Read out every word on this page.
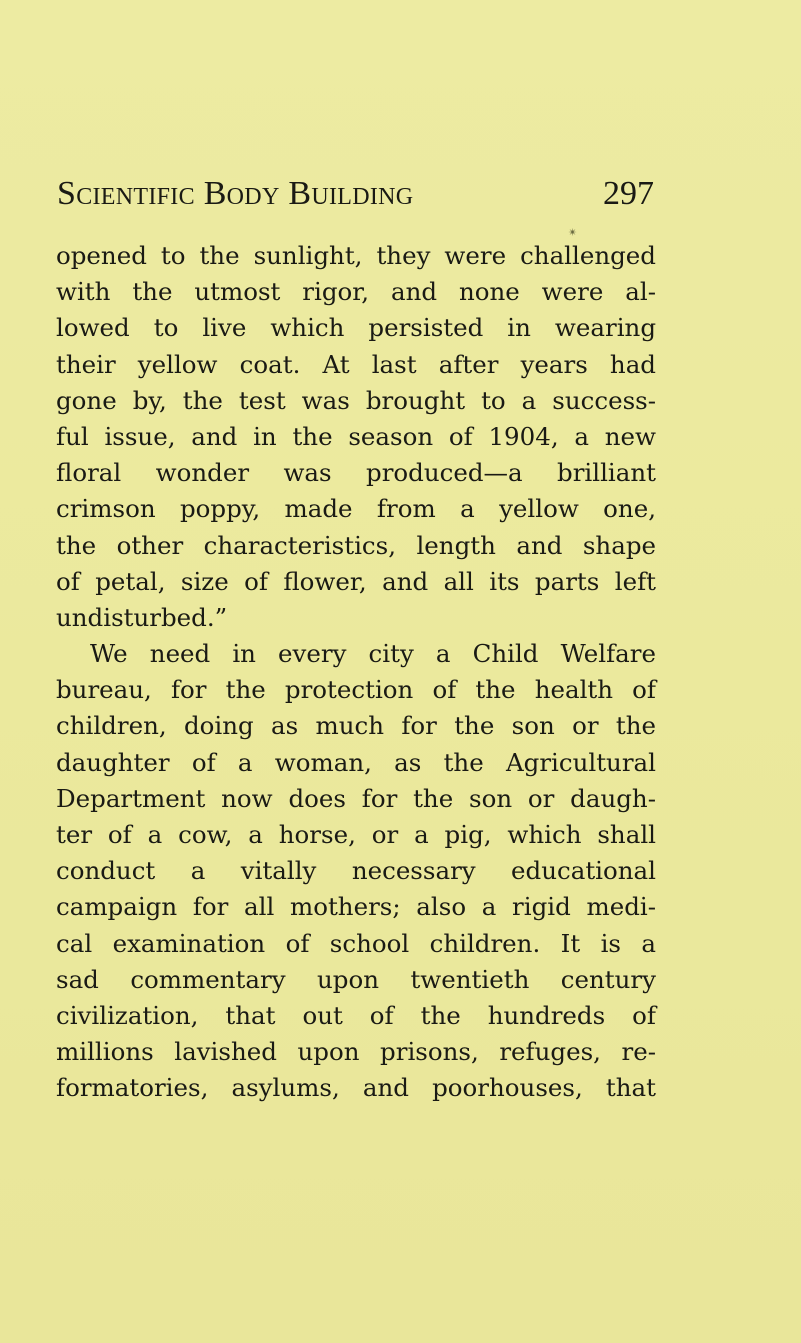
Scientific Body Building	297
✴
opened to the sunlight, they were challenged
with the utmost rigor, and none were al-
lowed to live which persisted in wearing
their yellow coat. At last after years had
gone by, the test was brought to a success-
ful issue, and in the season of 1904, a new
floral wonder was produced—a brilliant
crimson poppy, made from a yellow one,
the other characteristics, length and shape
of petal, size of flower, and all its parts left
undisturbed.”
We need in every city a Child Welfare
bureau, for the protection of the health of
children, doing as much for the son or the
daughter of a woman, as the Agricultural
Department now does for the son or daugh-
ter of a cow, a horse, or a pig, which shall
conduct a vitally necessary educational
campaign for all mothers; also a rigid medi-
cal examination of school children. It is a
sad commentary upon twentieth century
civilization, that out of the hundreds of
millions lavished upon prisons, refuges, re-
formatories, asylums, and poorhouses, that
